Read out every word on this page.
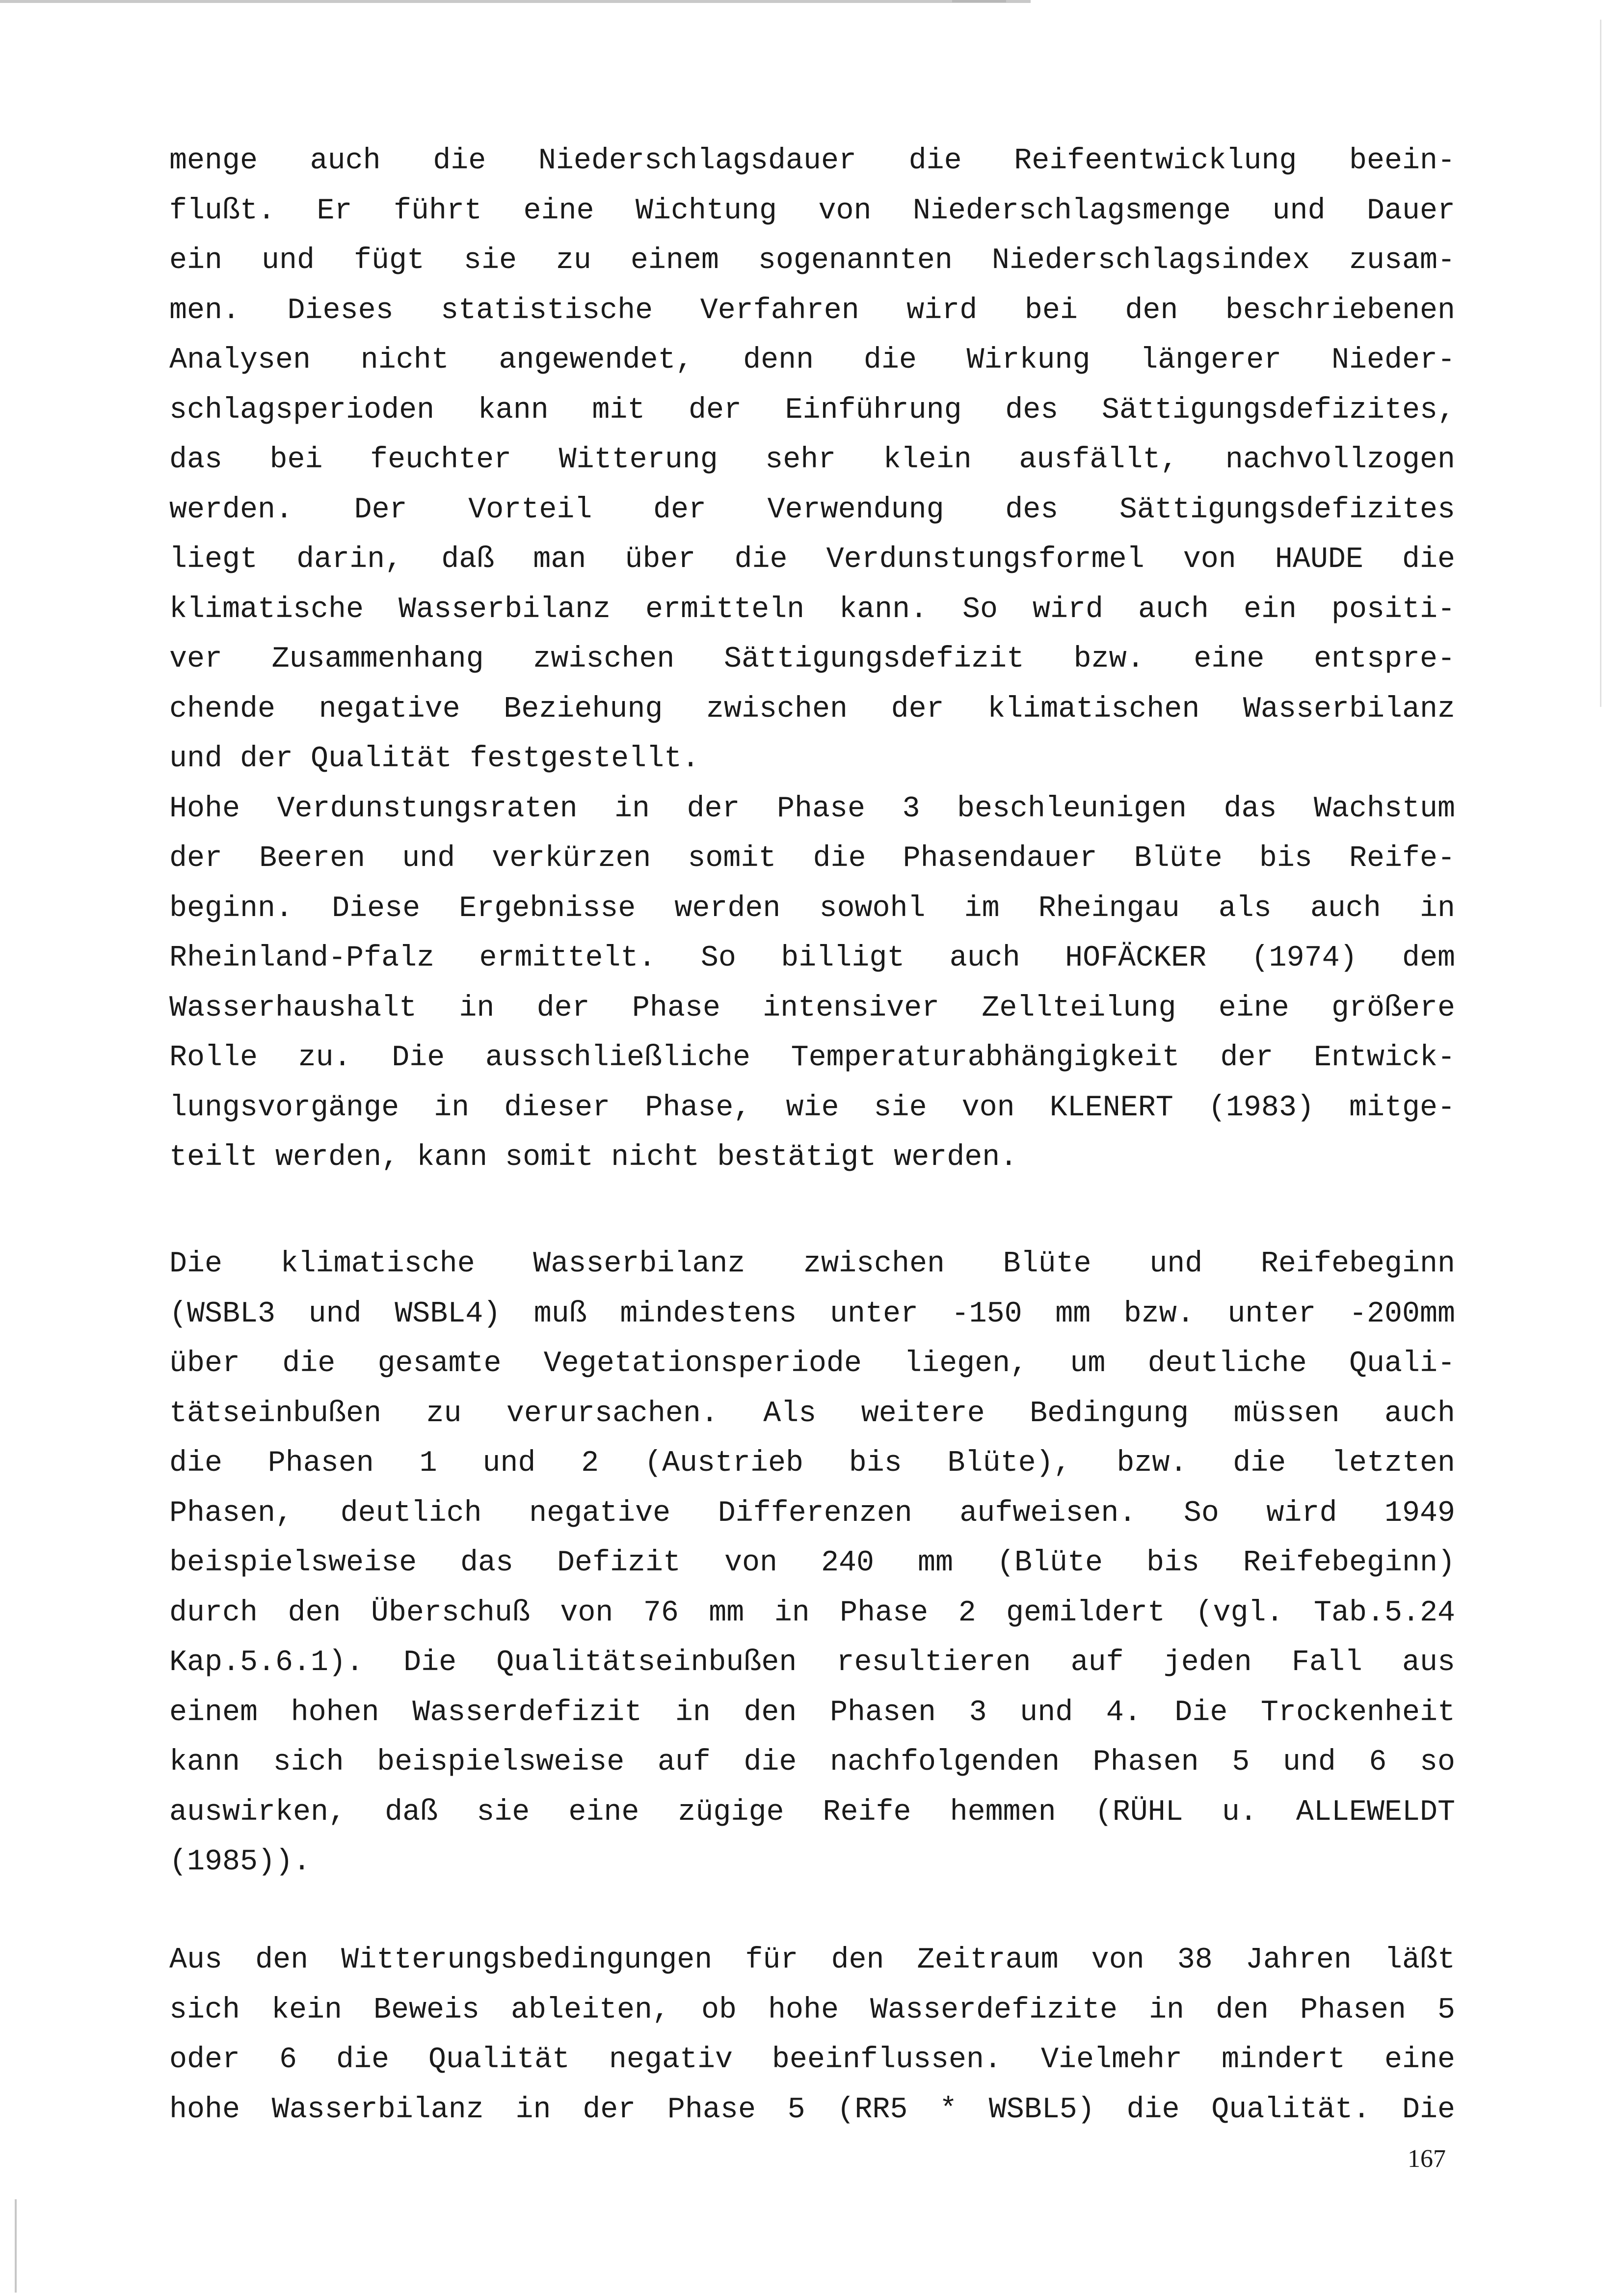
menge auch die Niederschlagsdauer die Reifeentwicklung beein-
flußt. Er führt eine Wichtung von Niederschlagsmenge und Dauer
ein und fügt sie zu einem sogenannten Niederschlagsindex zusam-
men. Dieses statistische Verfahren wird bei den beschriebenen
Analysen nicht angewendet, denn die Wirkung längerer Nieder-
schlagsperioden kann mit der Einführung des Sättigungsdefizites,
das bei feuchter Witterung sehr klein ausfällt, nachvollzogen
werden. Der Vorteil der Verwendung des Sättigungsdefizites
liegt darin, daß man über die Verdunstungsformel von HAUDE die
klimatische Wasserbilanz ermitteln kann. So wird auch ein positi-
ver Zusammenhang zwischen Sättigungsdefizit bzw. eine entspre-
chende negative Beziehung zwischen der klimatischen Wasserbilanz
und der Qualität festgestellt.
Hohe Verdunstungsraten in der Phase 3 beschleunigen das Wachstum
der Beeren und verkürzen somit die Phasendauer Blüte bis Reife-
beginn. Diese Ergebnisse werden sowohl im Rheingau als auch in
Rheinland-Pfalz ermittelt. So billigt auch HOFÄCKER (1974) dem
Wasserhaushalt in der Phase intensiver Zellteilung eine größere
Rolle zu. Die ausschließliche Temperaturabhängigkeit der Entwick-
lungsvorgänge in dieser Phase, wie sie von KLENERT (1983) mitge-
teilt werden, kann somit nicht bestätigt werden.
Die klimatische Wasserbilanz zwischen Blüte und Reifebeginn
(WSBL3 und WSBL4) muß mindestens unter -150 mm bzw. unter -200mm
über die gesamte Vegetationsperiode liegen, um deutliche Quali-
tätseinbußen zu verursachen. Als weitere Bedingung müssen auch
die Phasen 1 und 2 (Austrieb bis Blüte), bzw. die letzten
Phasen, deutlich negative Differenzen aufweisen. So wird 1949
beispielsweise das Defizit von 240 mm (Blüte bis Reifebeginn)
durch den Überschuß von 76 mm in Phase 2 gemildert (vgl. Tab.5.24
Kap.5.6.1). Die Qualitätseinbußen resultieren auf jeden Fall aus
einem hohen Wasserdefizit in den Phasen 3 und 4. Die Trockenheit
kann sich beispielsweise auf die nachfolgenden Phasen 5 und 6 so
auswirken, daß sie eine zügige Reife hemmen (RÜHL u. ALLEWELDT
(1985)).
Aus den Witterungsbedingungen für den Zeitraum von 38 Jahren läßt
sich kein Beweis ableiten, ob hohe Wasserdefizite in den Phasen 5
oder 6 die Qualität negativ beeinflussen. Vielmehr mindert eine
hohe Wasserbilanz in der Phase 5 (RR5 * WSBL5) die Qualität. Die
167
